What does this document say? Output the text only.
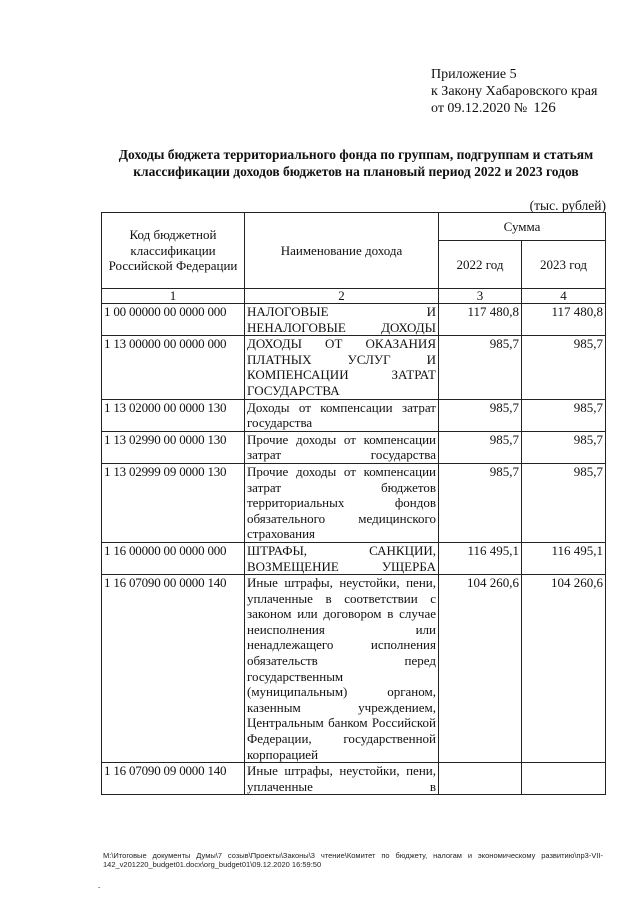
Приложение 5
к Закону Хабаровского края
от 09.12.2020 № 126
Доходы бюджета территориального фонда по группам, подгруппам и статьям
классификации доходов бюджетов на плановый период 2022 и 2023 годов
(тыс. рублей)
Код бюджетной классификации Российской Федерации	Наименование дохода	Сумма	
		2022 год	2023 год
1	2	3	4
1 00 00000 00 0000 000	НАЛОГОВЫЕ И НЕНАЛОГОВЫЕ ДОХОДЫ	117 480,8	117 480,8
1 13 00000 00 0000 000	ДОХОДЫ ОТ ОКАЗАНИЯ ПЛАТНЫХ УСЛУГ И КОМПЕНСАЦИИ ЗАТРАТ ГОСУДАРСТВА	985,7	985,7
1 13 02000 00 0000 130	Доходы от компенсации затрат государства	985,7	985,7
1 13 02990 00 0000 130	Прочие доходы от компенсации затрат государства	985,7	985,7
1 13 02999 09 0000 130	Прочие доходы от компенсации затрат бюджетов территориальных фондов обязательного медицинского страхования	985,7	985,7
1 16 00000 00 0000 000	ШТРАФЫ, САНКЦИИ, ВОЗМЕЩЕНИЕ УЩЕРБА	116 495,1	116 495,1
1 16 07090 00 0000 140	Иные штрафы, неустойки, пени, уплаченные в соответствии с законом или договором в случае неисполнения или ненадлежащего исполнения обязательств перед государственным (муниципальным) органом, казенным учреждением, Центральным банком Российской Федерации, государственной корпорацией	104 260,6	104 260,6
1 16 07090 09 0000 140	Иные штрафы, неустойки, пени, уплаченные в		
М:\Итоговые документы Думы\7 созыв\Проекты\Законы\3 чтение\Комитет по бюджету, налогам и экономическому развитию\пр3-VII-142_v201220_budget01.docx\org_budget01\09.12.2020 16:59:50
-
